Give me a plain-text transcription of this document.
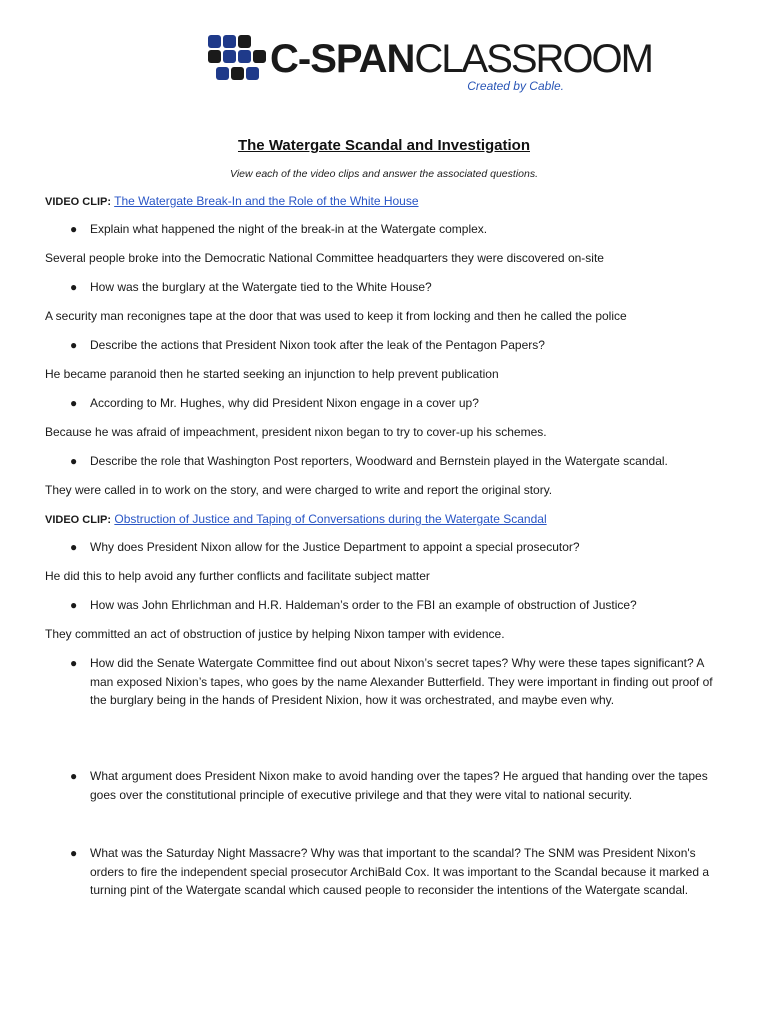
C-SPANCLASSROOM
Created by Cable.
The Watergate Scandal and Investigation
View each of the video clips and answer the associated questions.
VIDEO CLIP: The Watergate Break-In and the Role of the White House
● Explain what happened the night of the break-in at the Watergate complex.
Several people broke into the Democratic National Committee headquarters they were discovered on-site
● How was the burglary at the Watergate tied to the White House?
A security man reconignes tape at the door that was used to keep it from locking and then he called the police
● Describe the actions that President Nixon took after the leak of the Pentagon Papers?
He became paranoid then he started seeking an injunction to help prevent publication
● According to Mr. Hughes, why did President Nixon engage in a cover up?
Because he was afraid of impeachment, president nixon began to try to cover-up his schemes.
● Describe the role that Washington Post reporters, Woodward and Bernstein played in the Watergate scandal.
They were called in to work on the story, and were charged to write and report the original story.
VIDEO CLIP: Obstruction of Justice and Taping of Conversations during the Watergate Scandal
● Why does President Nixon allow for the Justice Department to appoint a special prosecutor?
He did this to help avoid any further conflicts and facilitate subject matter
● How was John Ehrlichman and H.R. Haldeman’s order to the FBI an example of obstruction of Justice?
They committed an act of obstruction of justice by helping Nixon tamper with evidence.
● How did the Senate Watergate Committee find out about Nixon’s secret tapes? Why were these tapes significant? A man exposed Nixion’s tapes, who goes by the name Alexander Butterfield. They were important in finding out proof of the burglary being in the hands of President Nixion, how it was orchestrated, and maybe even why.
● What argument does President Nixon make to avoid handing over the tapes? He argued that handing over the tapes goes over the constitutional principle of executive privilege and that they were vital to national security.
● What was the Saturday Night Massacre? Why was that important to the scandal? The SNM was President Nixon's orders to fire the independent special prosecutor ArchiBald Cox. It was important to the Scandal because it marked a turning pint of the Watergate scandal which caused people to reconsider the intentions of the Watergate scandal.
